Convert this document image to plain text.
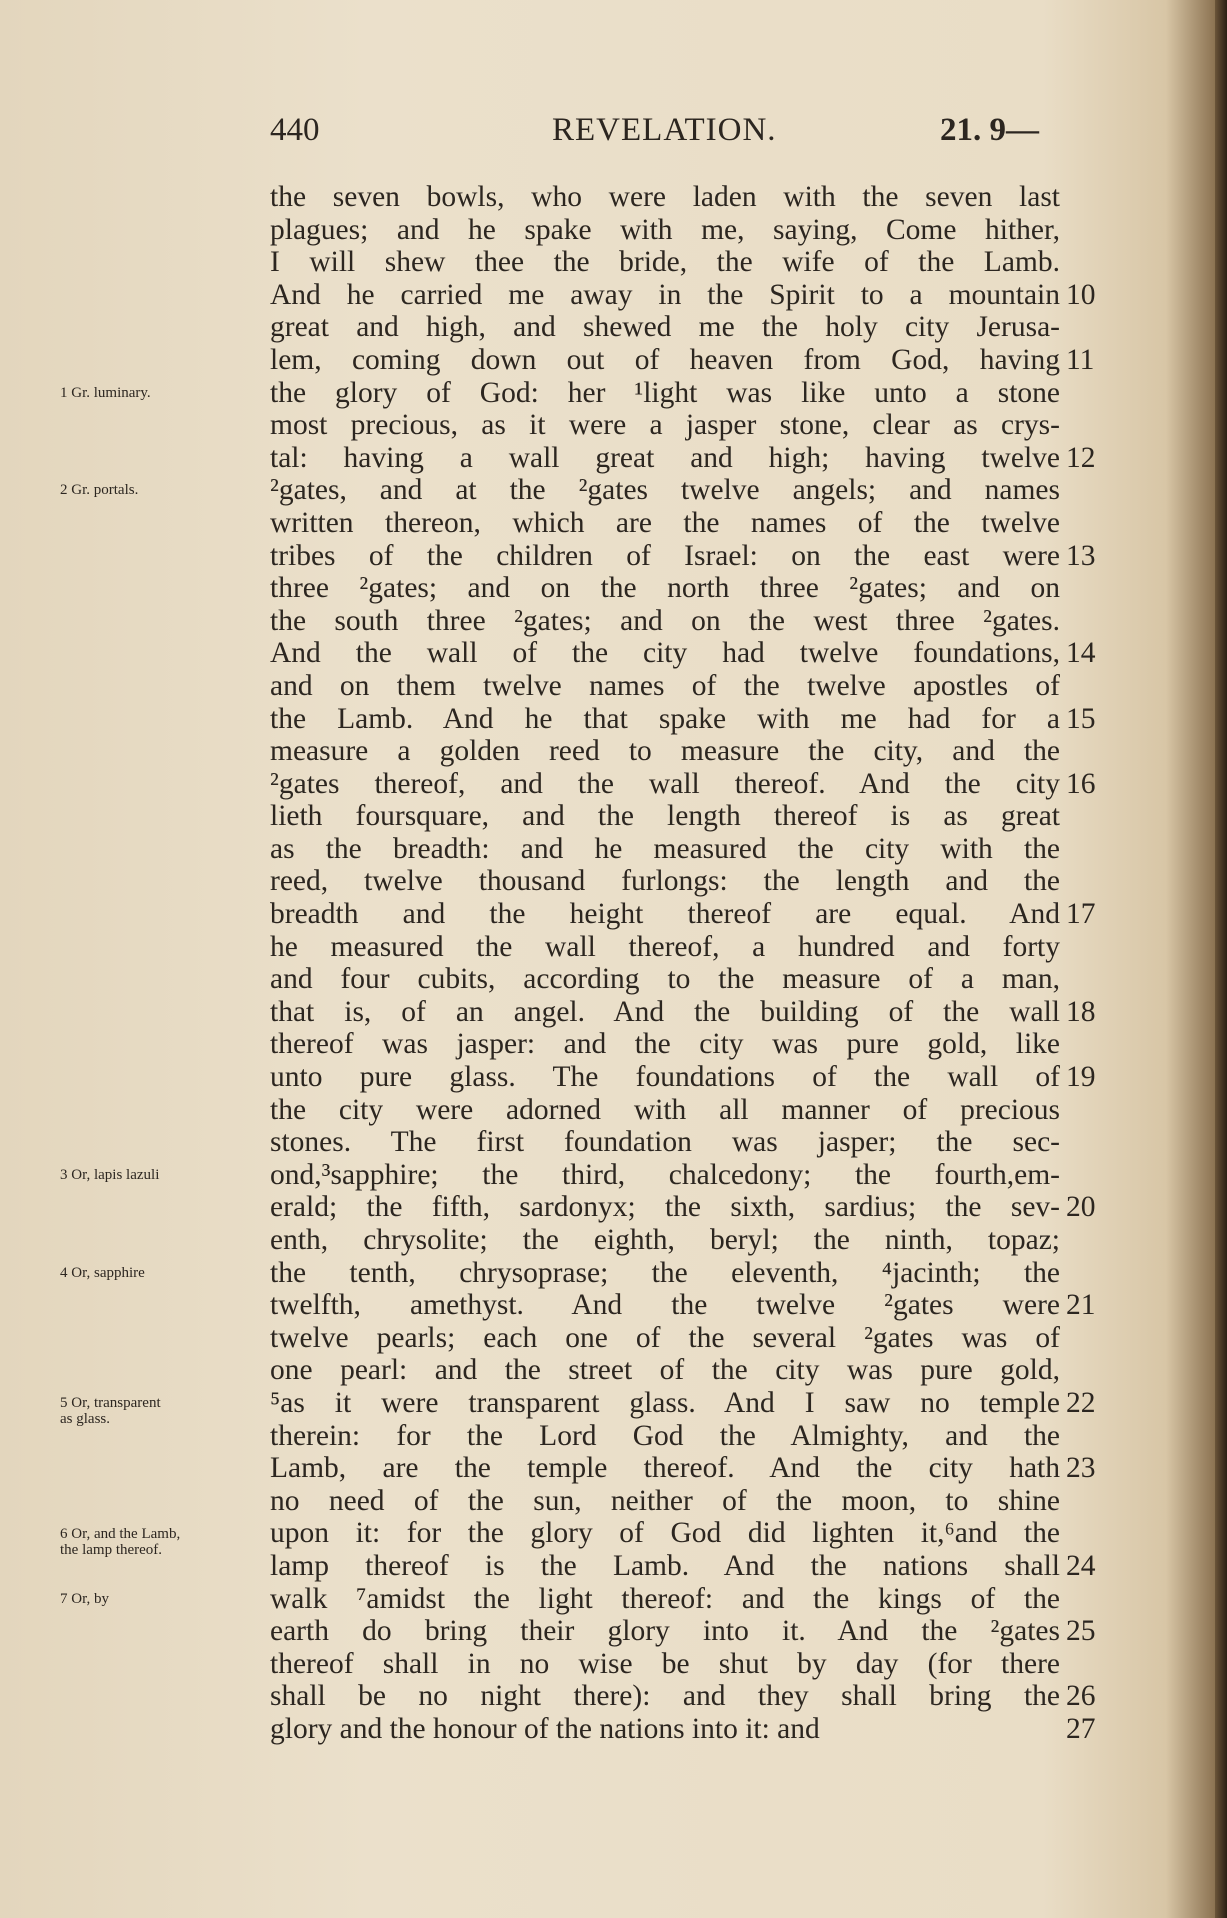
440	REVELATION.	21. 9—
1 Gr. luminary.
2 Gr. portals.
3 Or, lapis lazuli
4 Or, sapphire
5 Or, transparent
as glass.
6 Or, and the Lamb,
the lamp thereof.
7 Or, by
the seven bowls, who were laden with the seven last
plagues; and he spake with me, saying, Come hither,
I will shew thee the bride, the wife of the Lamb.
And he carried me away in the Spirit to a mountain 10
great and high, and shewed me the holy city Jerusa-
lem, coming down out of heaven from God, having 11
the glory of God: her ¹light was like unto a stone
most precious, as it were a jasper stone, clear as crys-
tal: having a wall great and high; having twelve 12
²gates, and at the ²gates twelve angels; and names
written thereon, which are the names of the twelve
tribes of the children of Israel: on the east were 13
three ²gates; and on the north three ²gates; and on
the south three ²gates; and on the west three ²gates.
And the wall of the city had twelve foundations, 14
and on them twelve names of the twelve apostles of
the Lamb. And he that spake with me had for a 15
measure a golden reed to measure the city, and the
²gates thereof, and the wall thereof. And the city 16
lieth foursquare, and the length thereof is as great
as the breadth: and he measured the city with the
reed, twelve thousand furlongs: the length and the
breadth and the height thereof are equal. And 17
he measured the wall thereof, a hundred and forty
and four cubits, according to the measure of a man,
that is, of an angel. And the building of the wall 18
thereof was jasper: and the city was pure gold, like
unto pure glass. The foundations of the wall of 19
the city were adorned with all manner of precious
stones. The first foundation was jasper; the sec-
ond,³sapphire; the third, chalcedony; the fourth,em-
erald; the fifth, sardonyx; the sixth, sardius; the sev- 20
enth, chrysolite; the eighth, beryl; the ninth, topaz;
the tenth, chrysoprase; the eleventh, ⁴jacinth; the
twelfth, amethyst. And the twelve ²gates were 21
twelve pearls; each one of the several ²gates was of
one pearl: and the street of the city was pure gold,
⁵as it were transparent glass. And I saw no temple 22
therein: for the Lord God the Almighty, and the
Lamb, are the temple thereof. And the city hath 23
no need of the sun, neither of the moon, to shine
upon it: for the glory of God did lighten it,⁶and the
lamp thereof is the Lamb. And the nations shall 24
walk ⁷amidst the light thereof: and the kings of the
earth do bring their glory into it. And the ²gates 25
thereof shall in no wise be shut by day (for there
shall be no night there): and they shall bring the 26
glory and the honour of the nations into it: and	27
